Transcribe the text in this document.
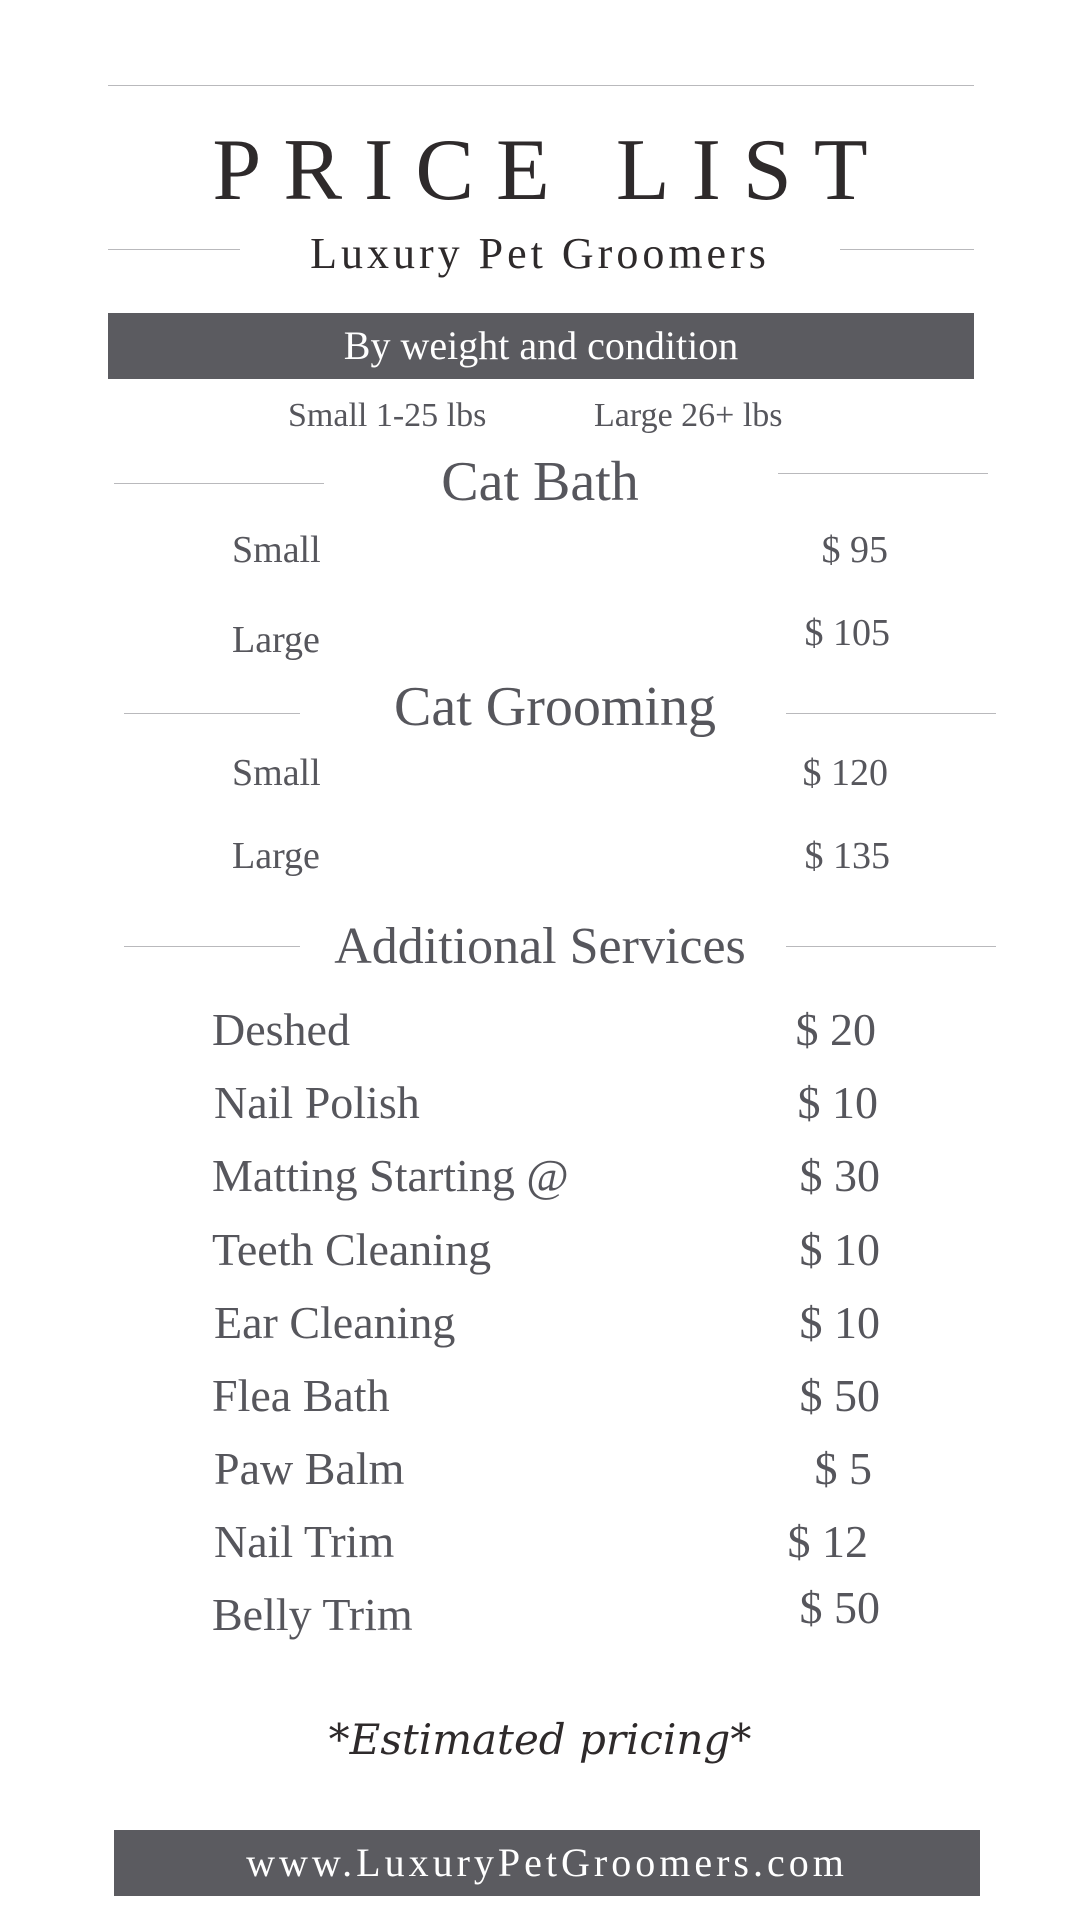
PRICE LIST
Luxury Pet Groomers
By weight and condition
Small 1-25 lbs	Large 26+ lbs
Cat Bath
Small	$ 95
Large	$ 105
Cat Grooming
Small	$ 120
Large	$ 135
Additional Services
Deshed	$ 20
Nail Polish	$ 10
Matting Starting @	$ 30
Teeth Cleaning	$ 10
Ear Cleaning	$ 10
Flea Bath	$ 50
Paw Balm	$ 5
Nail Trim	$ 12
Belly Trim	$ 50
*Estimated pricing*
www.LuxuryPetGroomers.com
